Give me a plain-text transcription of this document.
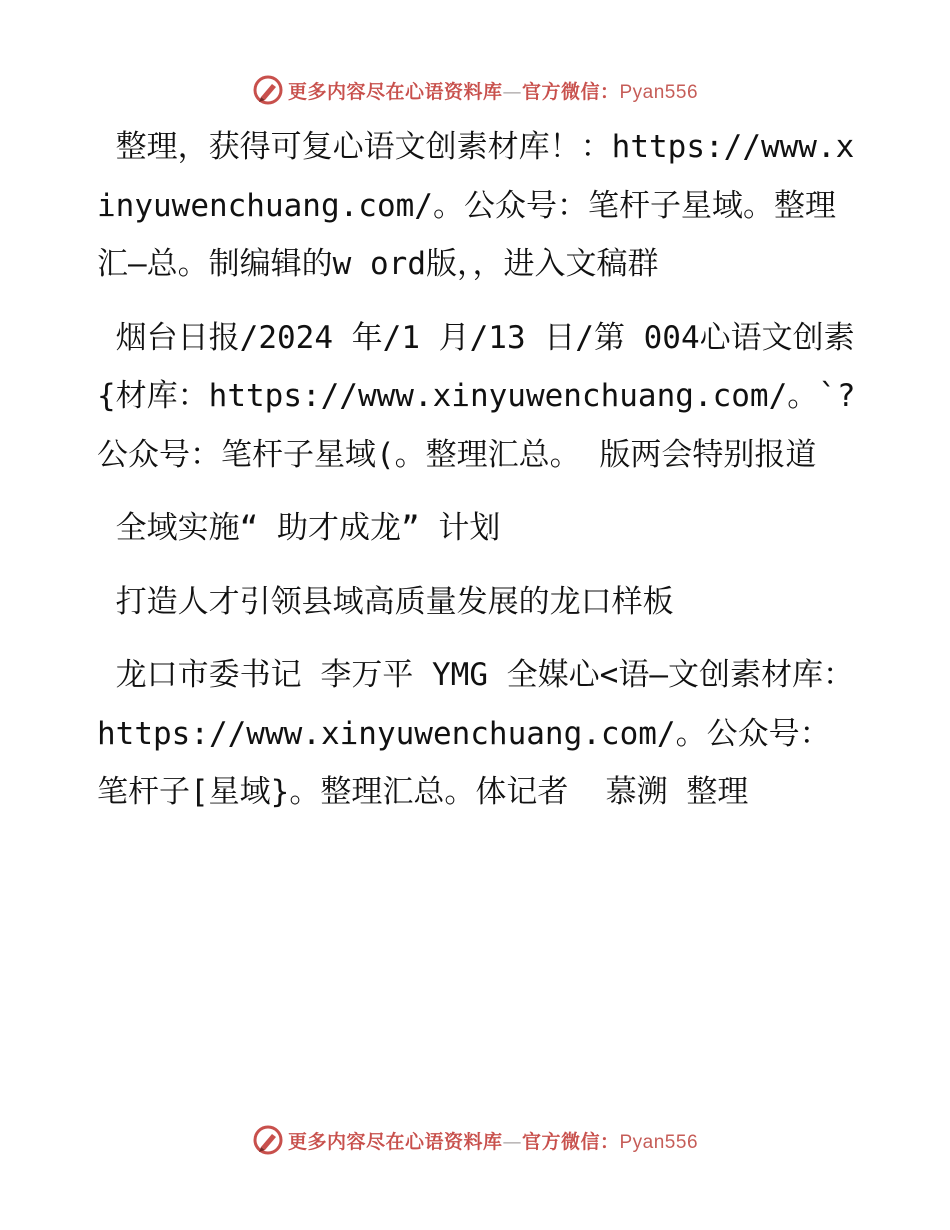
更多内容尽在心语资料库—官方微信：Pyan556

整理，获得可复心语文创素材库！：https://www.xinyuwenchuang.com/。公众号：笔杆子星域。整理汇—总。制编辑的w ord版，，进入文稿群

烟台日报/2024 年/1 月/13 日/第 004心语文创素{材库：https://www.xinyuwenchuang.com/。`?公众号：笔杆子星域(。整理汇总。 版两会特别报道

全域实施“ 助才成龙” 计划

打造人才引领县域高质量发展的龙口样板

龙口市委书记 李万平 YMG 全媒心<语—文创素材库：https://www.xinyuwenchuang.com/。公众号：笔杆子[星域}。整理汇总。体记者  慕溯 整理

更多内容尽在心语资料库—官方微信：Pyan556
